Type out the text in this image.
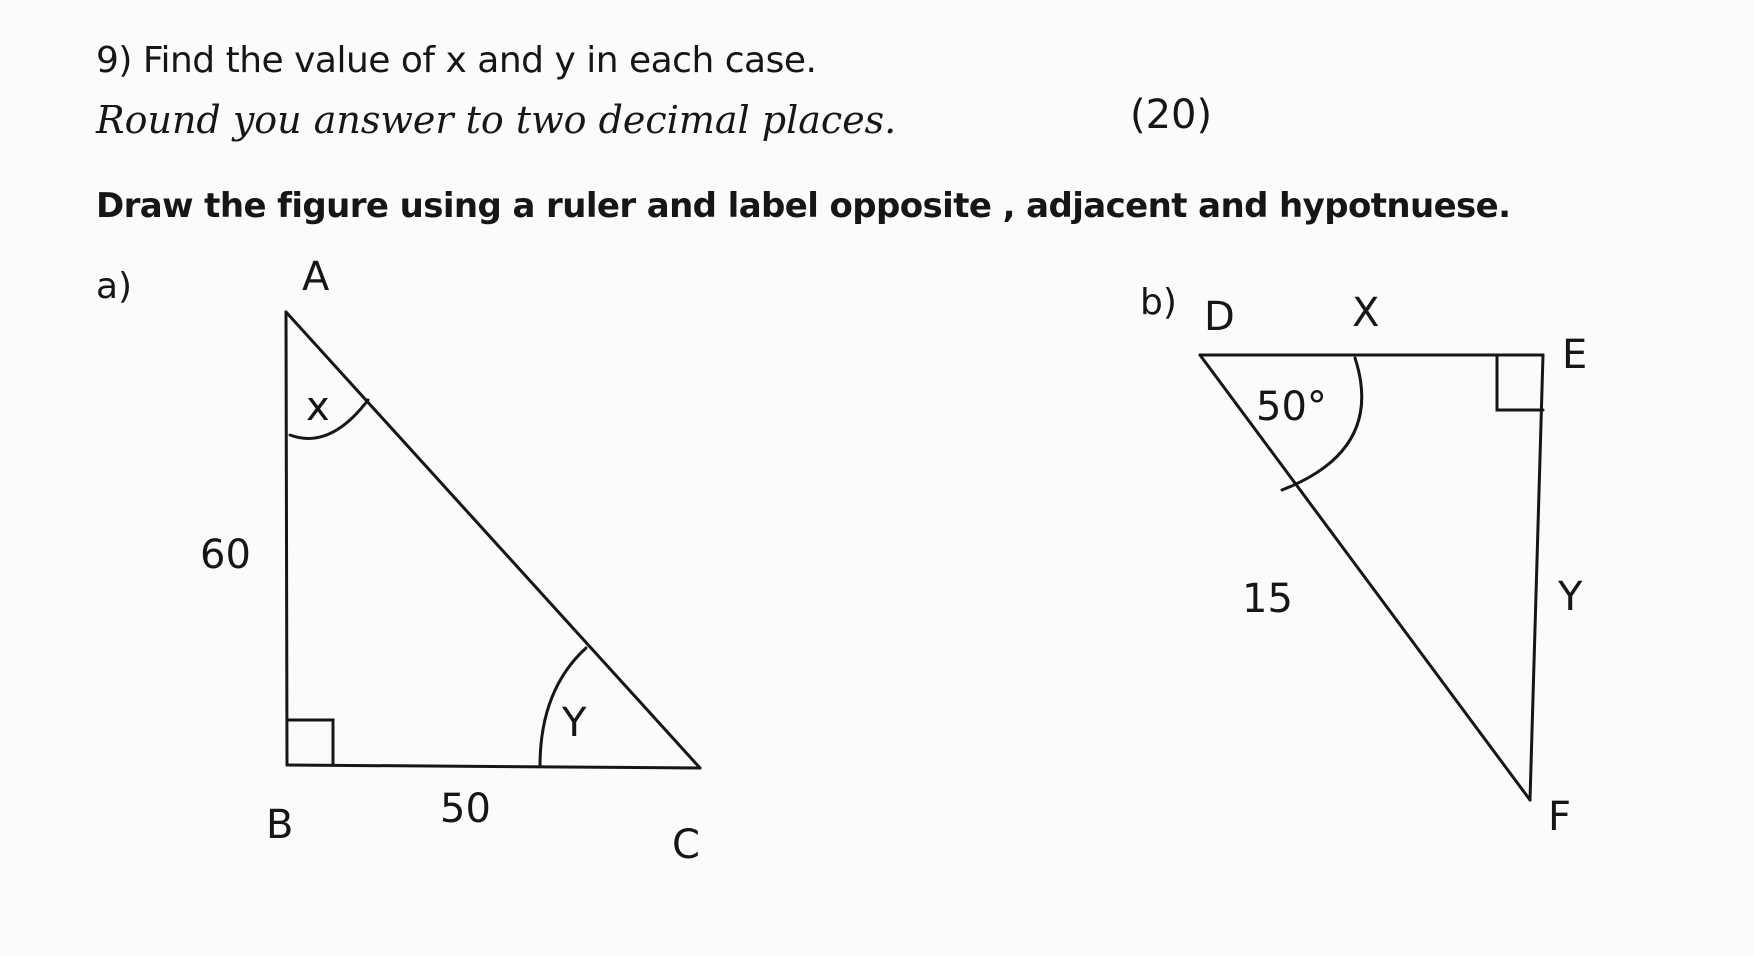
9) Find the value of x and y in each case.
Round you answer to two decimal places.
Draw the figure using a ruler and label opposite , adjacent and hypotnuese.
a)	b)
(20)
A
B	C
60
50
x
Y
D
E
F
X
Y
15
50°
